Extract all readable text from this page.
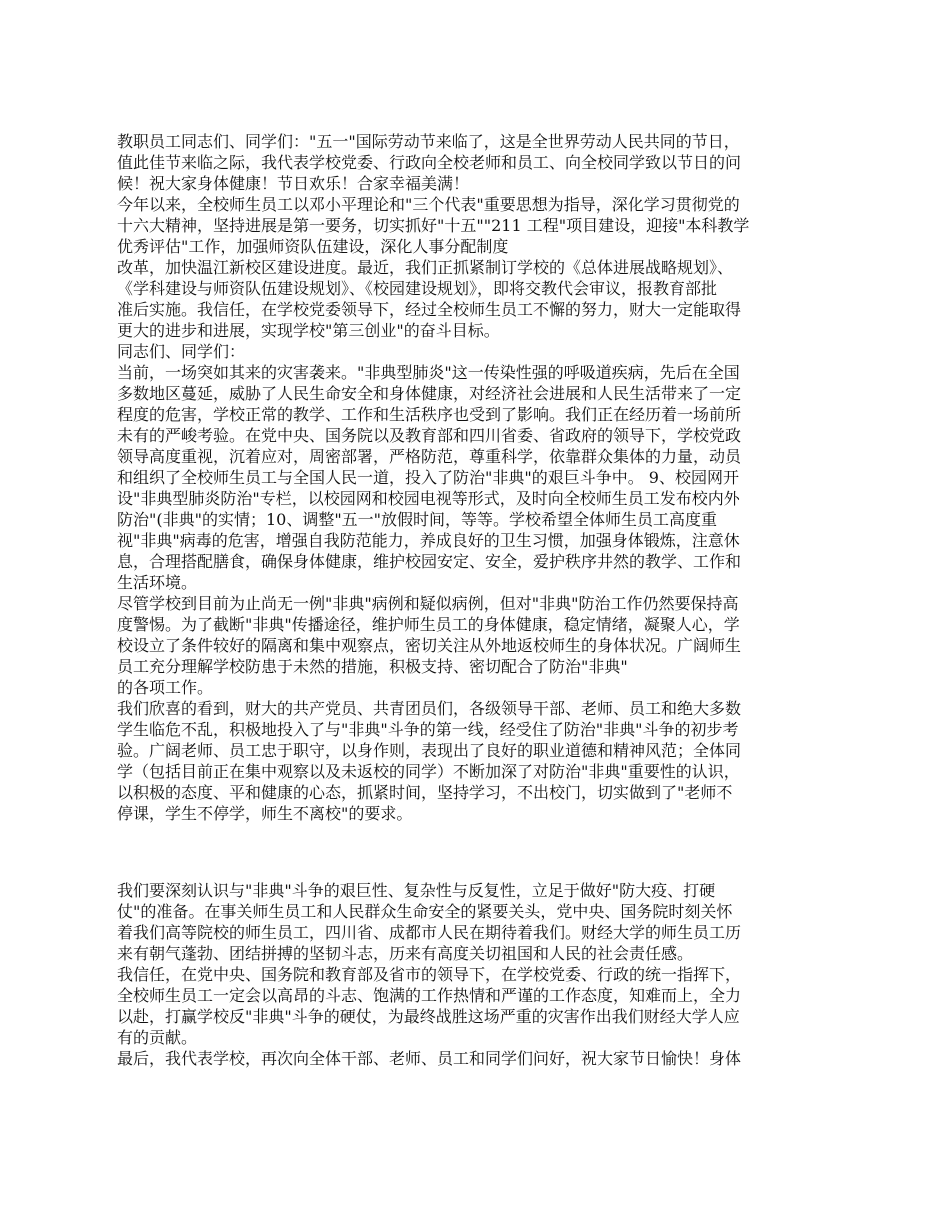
教职员工同志们、同学们："五一"国际劳动节来临了，这是全世界劳动人民共同的节日，
值此佳节来临之际，我代表学校党委、行政向全校老师和员工、向全校同学致以节日的问
候！祝大家身体健康！节日欢乐！合家幸福美满！
今年以来，全校师生员工以邓小平理论和"三个代表"重要思想为指导，深化学习贯彻党的
十六大精神，坚持进展是第一要务，切实抓好"十五""211 工程"项目建设，迎接"本科教学
优秀评估"工作，加强师资队伍建设，深化人事分配制度
改革，加快温江新校区建设进度。最近，我们正抓紧制订学校的《总体进展战略规划》、
《学科建设与师资队伍建设规划》、《校园建设规划》，即将交教代会审议，报教育部批
准后实施。我信任，在学校党委领导下，经过全校师生员工不懈的努力，财大一定能取得
更大的进步和进展，实现学校"第三创业"的奋斗目标。
同志们、同学们：
当前，一场突如其来的灾害袭来。"非典型肺炎"这一传染性强的呼吸道疾病，先后在全国
多数地区蔓延，威胁了人民生命安全和身体健康，对经济社会进展和人民生活带来了一定
程度的危害，学校正常的教学、工作和生活秩序也受到了影响。我们正在经历着一场前所
未有的严峻考验。在党中央、国务院以及教育部和四川省委、省政府的领导下，学校党政
领导高度重视，沉着应对，周密部署，严格防范，尊重科学，依靠群众集体的力量，动员
和组织了全校师生员工与全国人民一道，投入了防治"非典"的艰巨斗争中。 9、校园网开
设"非典型肺炎防治"专栏，以校园网和校园电视等形式，及时向全校师生员工发布校内外
防治"(非典"的实情；10、调整"五一"放假时间，等等。学校希望全体师生员工高度重
视"非典"病毒的危害，增强自我防范能力，养成良好的卫生习惯，加强身体锻炼，注意休
息，合理搭配膳食，确保身体健康，维护校园安定、安全，爱护秩序井然的教学、工作和
生活环境。
尽管学校到目前为止尚无一例"非典"病例和疑似病例，但对"非典"防治工作仍然要保持高
度警惕。为了截断"非典"传播途径，维护师生员工的身体健康，稳定情绪，凝聚人心，学
校设立了条件较好的隔离和集中观察点，密切关注从外地返校师生的身体状况。广阔师生
员工充分理解学校防患于未然的措施，积极支持、密切配合了防治"非典"
的各项工作。
我们欣喜的看到，财大的共产党员、共青团员们，各级领导干部、老师、员工和绝大多数
学生临危不乱，积极地投入了与"非典"斗争的第一线，经受住了防治"非典"斗争的初步考
验。广阔老师、员工忠于职守，以身作则，表现出了良好的职业道德和精神风范；全体同
学（包括目前正在集中观察以及未返校的同学）不断加深了对防治"非典"重要性的认识，
以积极的态度、平和健康的心态，抓紧时间，坚持学习，不出校门，切实做到了"老师不
停课，学生不停学，师生不离校"的要求。
我们要深刻认识与"非典"斗争的艰巨性、复杂性与反复性，立足于做好"防大疫、打硬
仗"的准备。在事关师生员工和人民群众生命安全的紧要关头，党中央、国务院时刻关怀
着我们高等院校的师生员工，四川省、成都市人民在期待着我们。财经大学的师生员工历
来有朝气蓬勃、团结拼搏的坚韧斗志，历来有高度关切祖国和人民的社会责任感。
我信任，在党中央、国务院和教育部及省市的领导下，在学校党委、行政的统一指挥下，
全校师生员工一定会以高昂的斗志、饱满的工作热情和严谨的工作态度，知难而上，全力
以赴，打赢学校反"非典"斗争的硬仗，为最终战胜这场严重的灾害作出我们财经大学人应
有的贡献。
最后，我代表学校，再次向全体干部、老师、员工和同学们问好，祝大家节日愉快！身体
